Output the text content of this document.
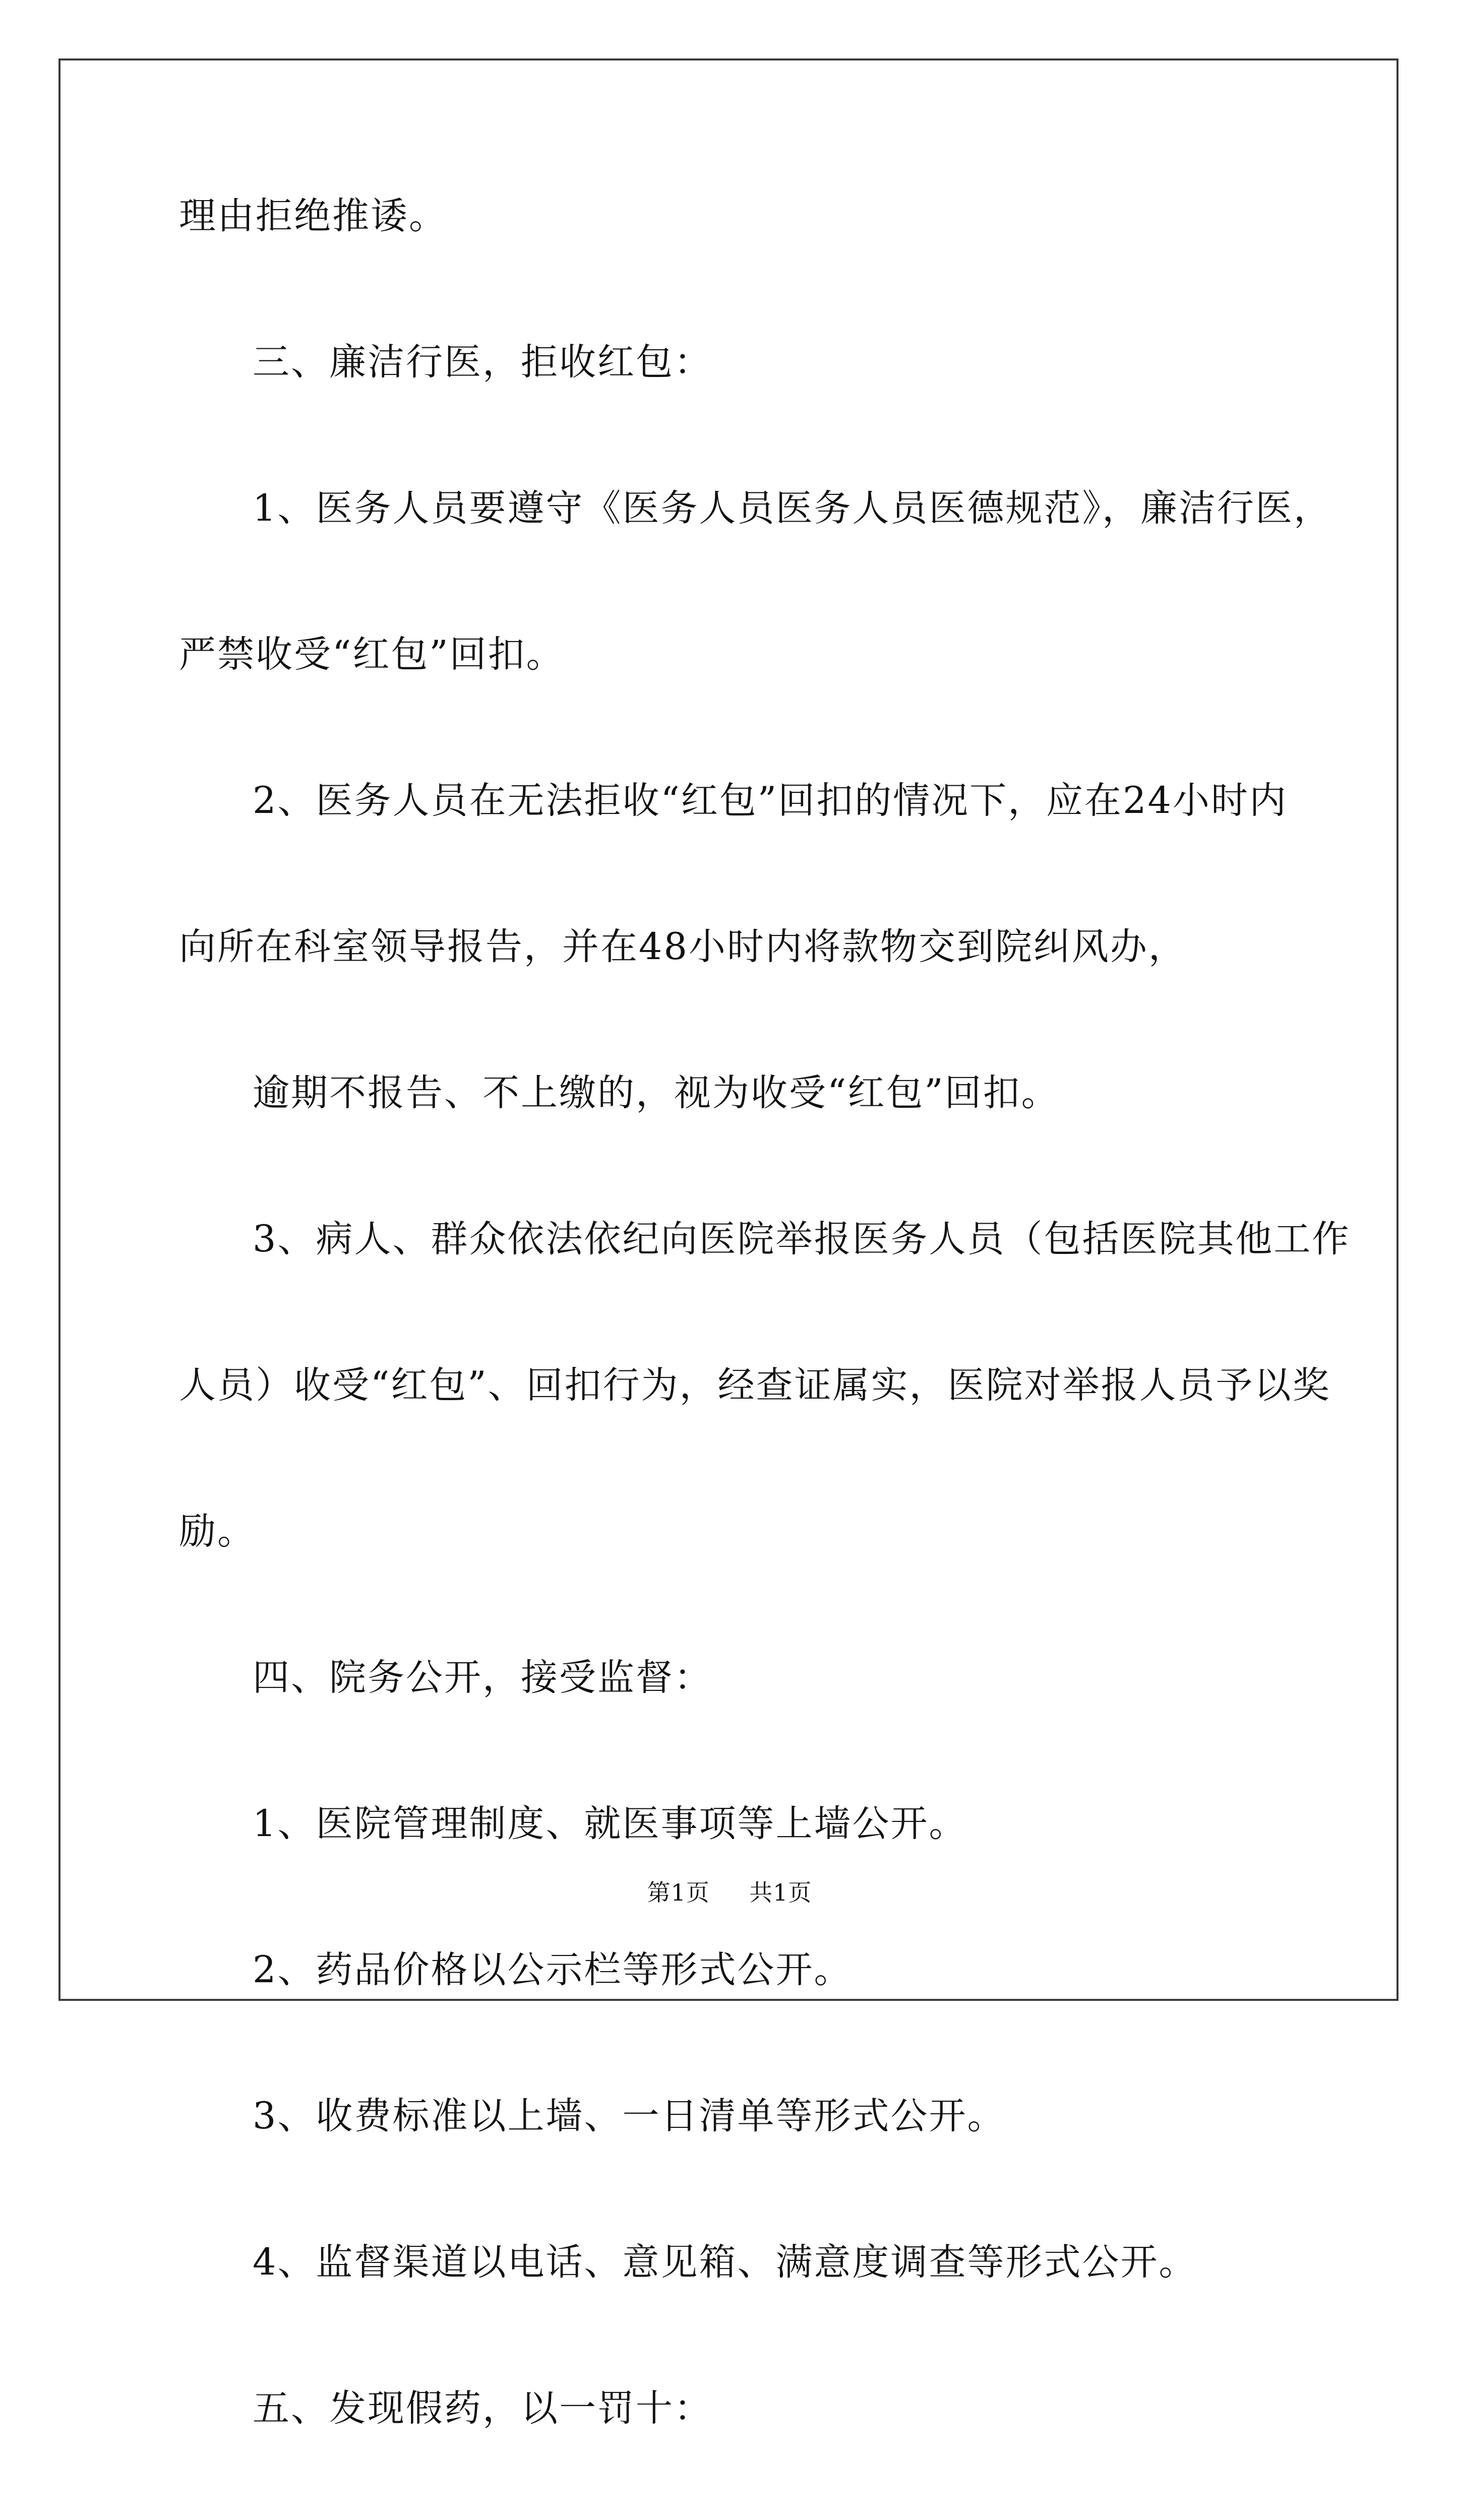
理由拒绝推诿。
三、廉洁行医，拒收红包：
1、医务人员要遵守《医务人员医务人员医德规范》，廉洁行医，
严禁收受“红包”回扣。
2、医务人员在无法拒收“红包”回扣的情况下，应在24小时内
向所在科室领导报告，并在48小时内将款物交到院纠风办，
逾期不报告、不上缴的，视为收受“红包”回扣。
3、病人、群众依法依纪向医院举报医务人员（包括医院其他工作
人员）收受“红包”、回扣行为，经查证属实，医院对举报人员予以奖
励。
四、院务公开，接受监督：
1、医院管理制度、就医事项等上墙公开。
2、药品价格以公示栏等形式公开。
3、收费标准以上墙、一日清单等形式公开。
4、监督渠道以电话、意见箱、满意度调查等形式公开。
五、发现假药，以一罚十：
第1页 共1页
